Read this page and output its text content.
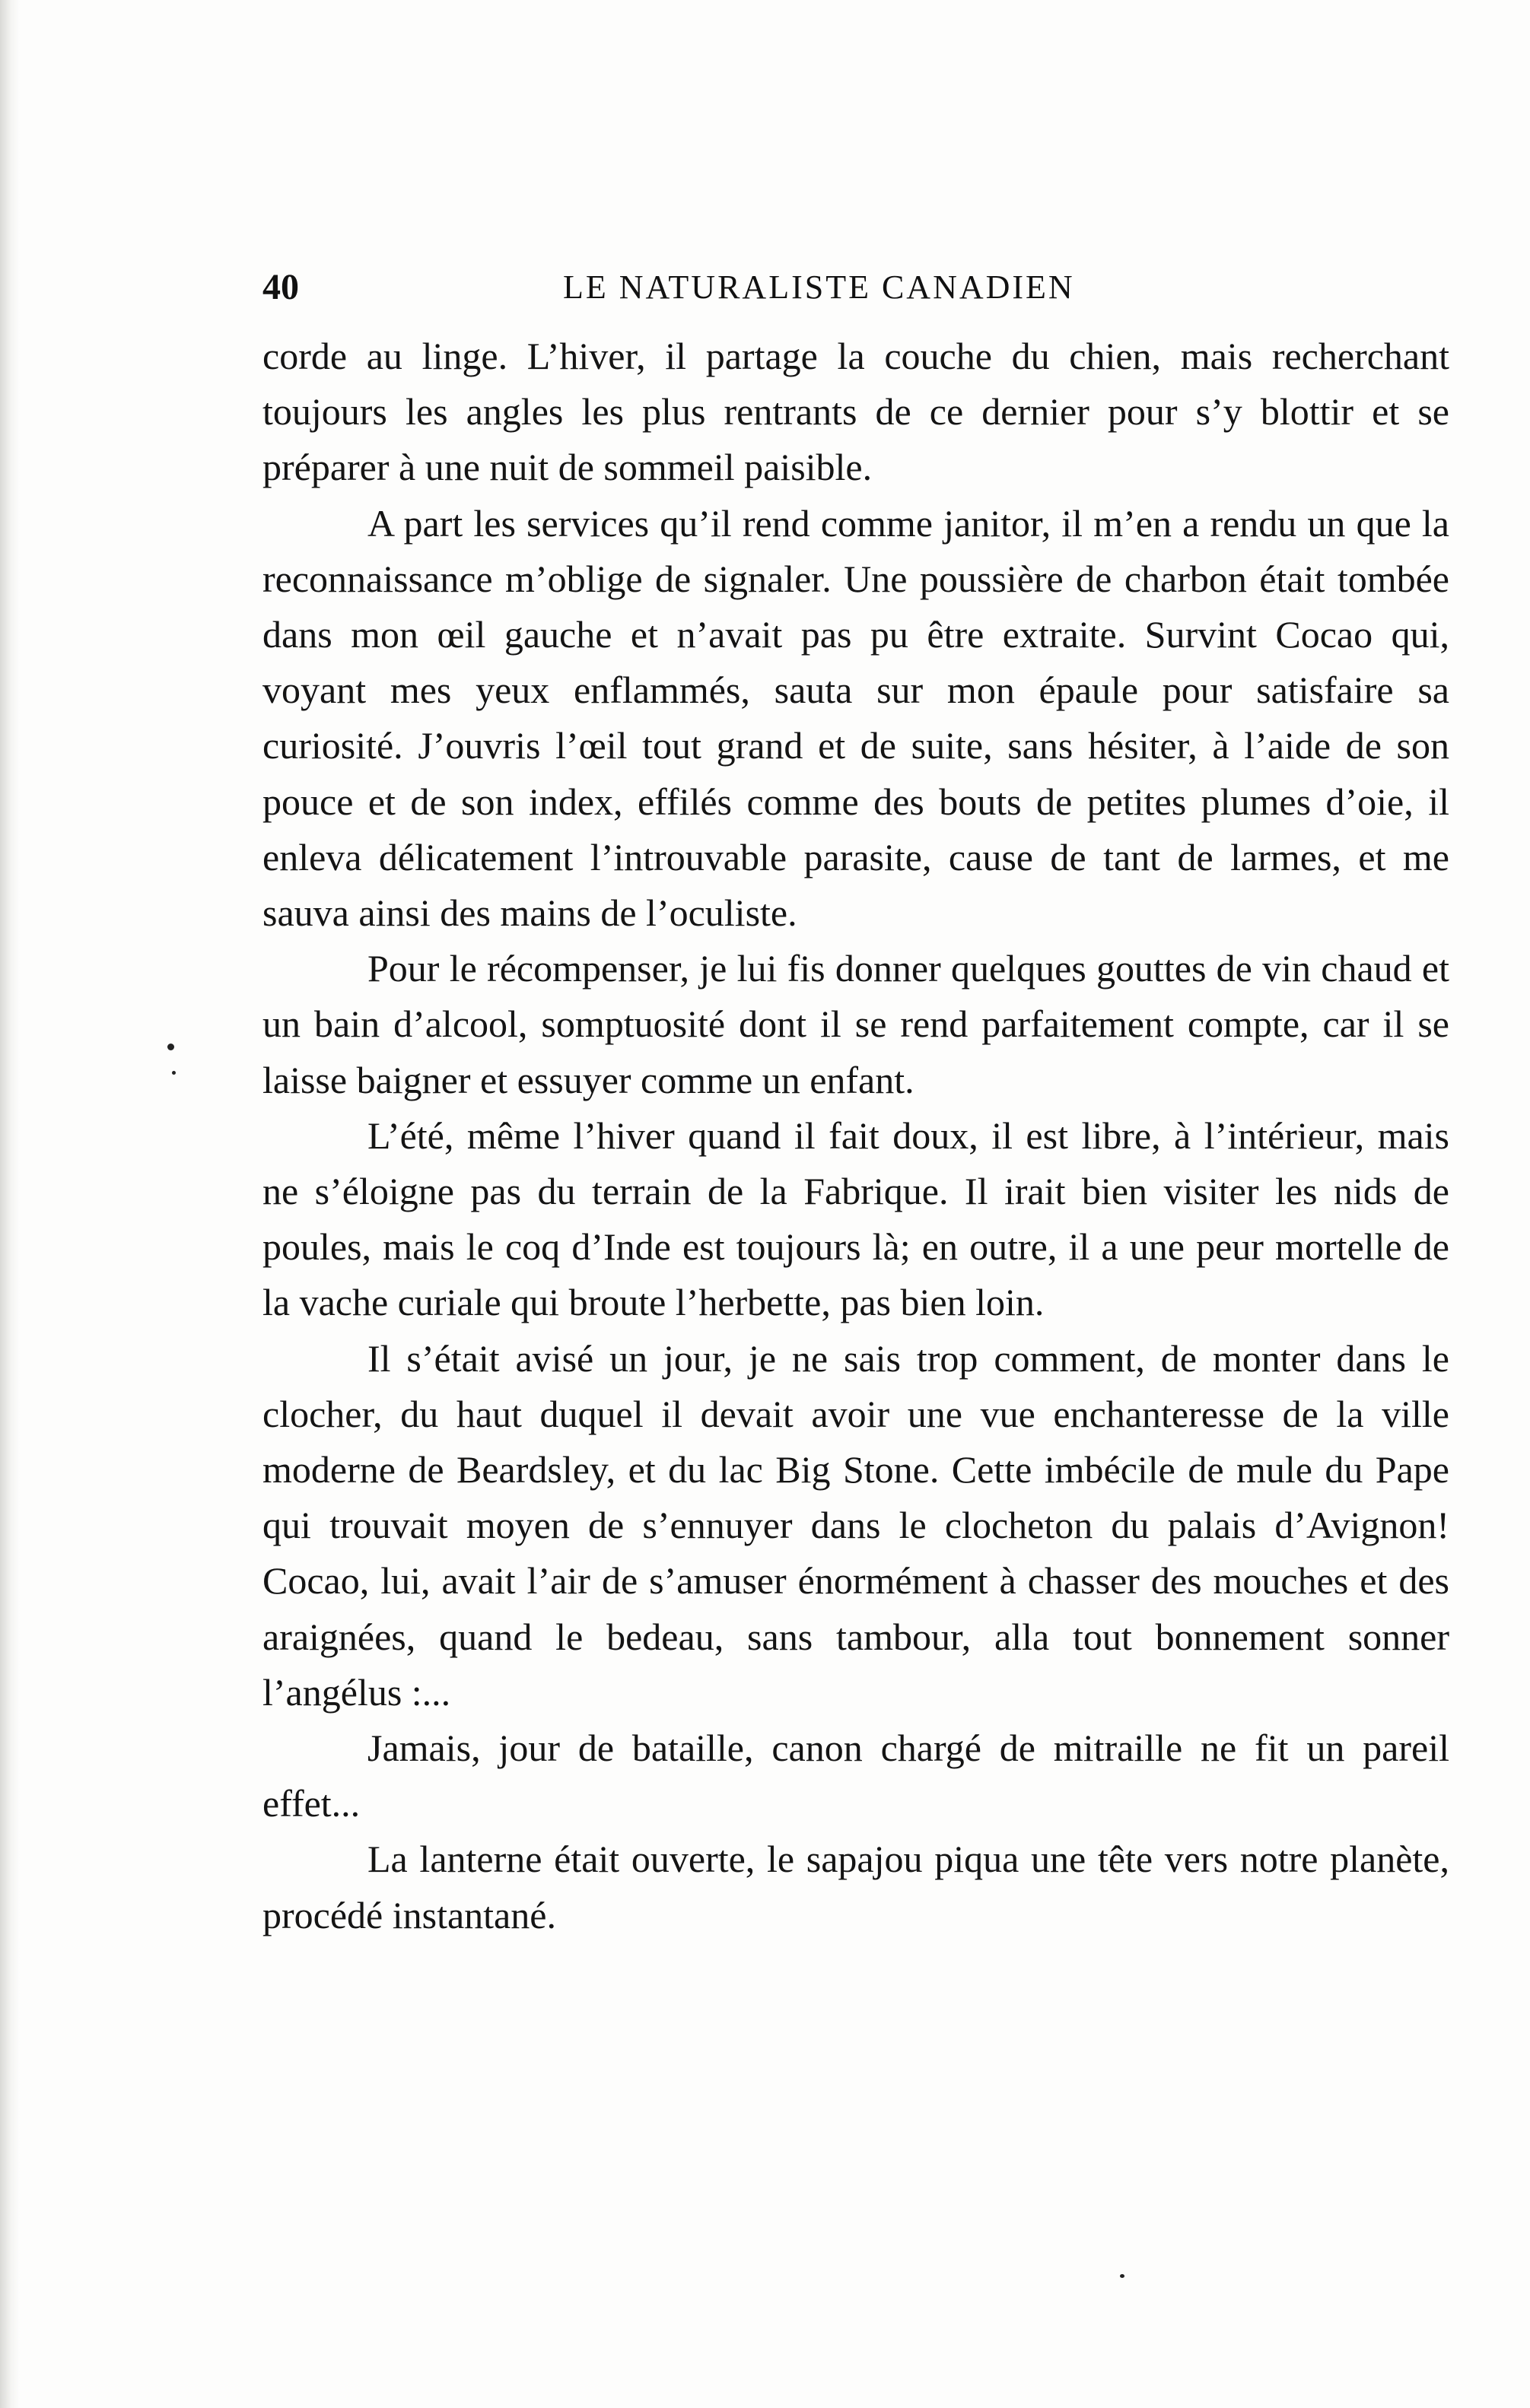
40	LE NATURALISTE CANADIEN

corde au linge. L’hiver, il partage la couche du chien, mais recherchant toujours les angles les plus rentrants de ce dernier pour s’y blottir et se préparer à une nuit de sommeil paisible.

A part les services qu’il rend comme janitor, il m’en a rendu un que la reconnaissance m’oblige de signaler. Une poussière de charbon était tombée dans mon œil gauche et n’avait pas pu être extraite. Survint Cocao qui, voyant mes yeux enflammés, sauta sur mon épaule pour satisfaire sa curiosité. J’ouvris l’œil tout grand et de suite, sans hésiter, à l’aide de son pouce et de son index, effilés comme des bouts de petites plumes d’oie, il enleva délicatement l’introuvable parasite, cause de tant de larmes, et me sauva ainsi des mains de l’oculiste.

Pour le récompenser, je lui fis donner quelques gouttes de vin chaud et un bain d’alcool, somptuosité dont il se rend parfaitement compte, car il se laisse baigner et essuyer comme un enfant.

L’été, même l’hiver quand il fait doux, il est libre, à l’intérieur, mais ne s’éloigne pas du terrain de la Fabrique. Il irait bien visiter les nids de poules, mais le coq d’Inde est toujours là; en outre, il a une peur mortelle de la vache curiale qui broute l’herbette, pas bien loin.

Il s’était avisé un jour, je ne sais trop comment, de monter dans le clocher, du haut duquel il devait avoir une vue enchanteresse de la ville moderne de Beardsley, et du lac Big Stone. Cette imbécile de mule du Pape qui trouvait moyen de s’ennuyer dans le clocheton du palais d’Avignon! Cocao, lui, avait l’air de s’amuser énormément à chasser des mouches et des araignées, quand le bedeau, sans tambour, alla tout bonnement sonner l’angélus :...

Jamais, jour de bataille, canon chargé de mitraille ne fit un pareil effet...

La lanterne était ouverte, le sapajou piqua une tête vers notre planète, procédé instantané.
